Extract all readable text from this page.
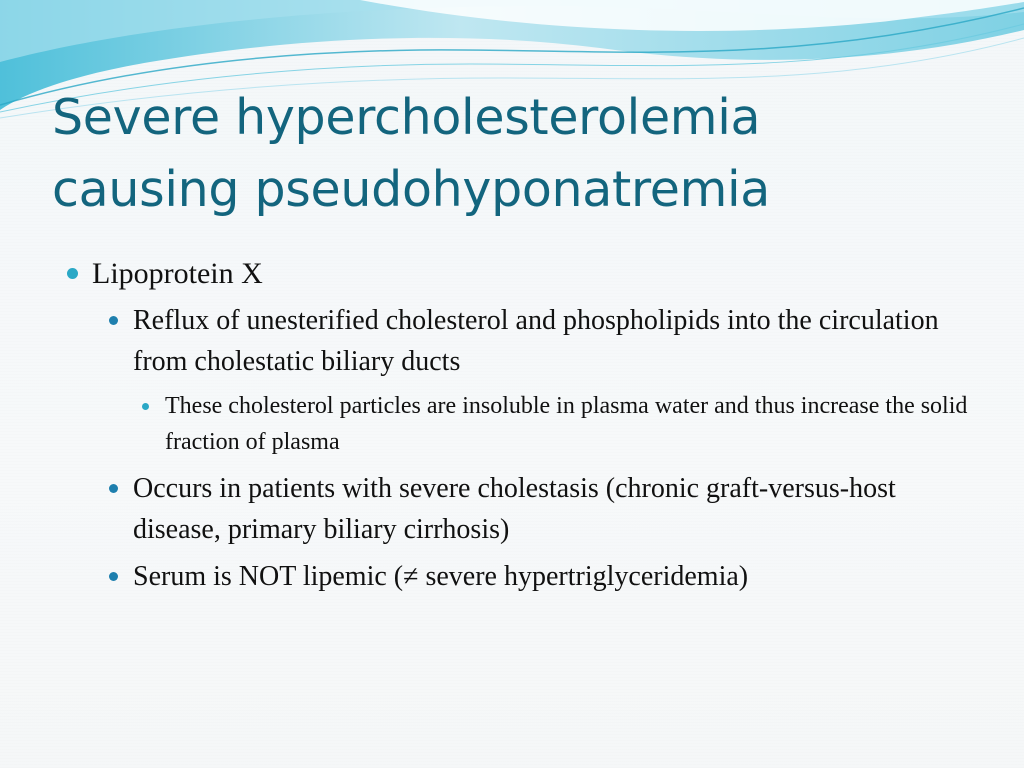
Severe hypercholesterolemia
causing pseudohyponatremia

Lipoprotein X

Reflux of unesterified cholesterol and phospholipids into the circulation from cholestatic biliary ducts

These cholesterol particles are insoluble in plasma water and thus increase the solid fraction of plasma

Occurs in patients with severe cholestasis (chronic graft-versus-host disease, primary biliary cirrhosis)

Serum is NOT lipemic (≠ severe hypertriglyceridemia)
